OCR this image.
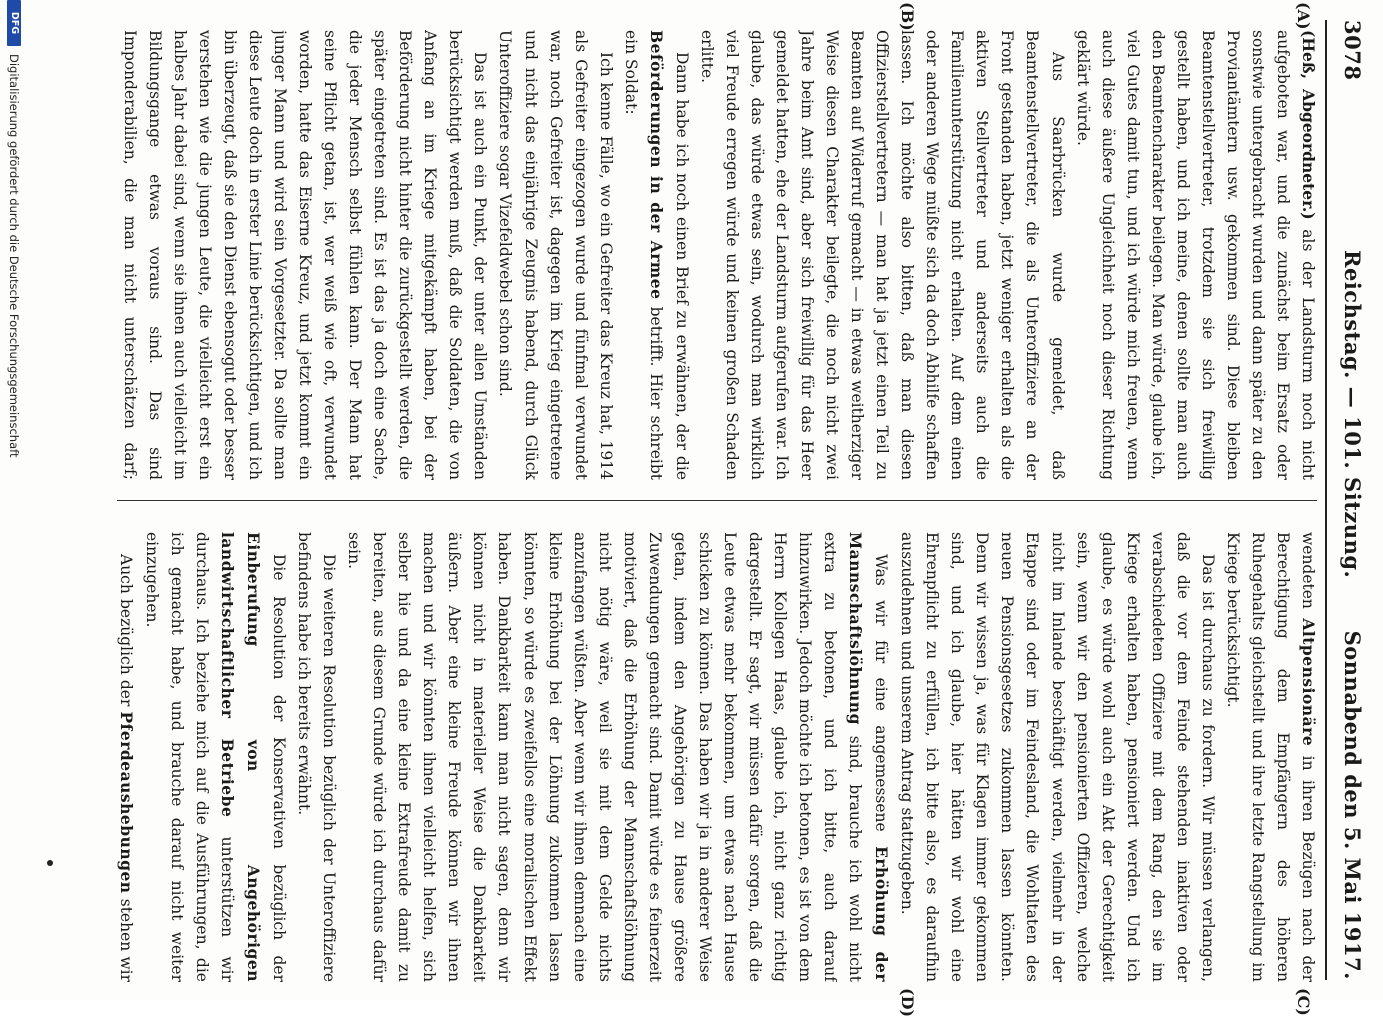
3078
Reichstag. — 101. Sitzung.
Sonnabend den 5. Mai 1917.
(A)
(B)
(C)
(D)

(Heß, Abgeordneter.) als der Landsturm noch nicht aufgeboten war, und die zunächst beim Ersatz oder sonstwie untergebracht wurden und dann später zu den Proviantämtern usw. gekommen sind. Diese bleiben Beamtenstellvertreter, trotzdem sie sich freiwillig gestellt haben, und ich meine, denen sollte man auch den Beamtencharakter beilegen. Man würde, glaube ich, viel Gutes damit tun, und ich würde mich freuen, wenn auch diese äußere Ungleichheit noch dieser Richtung geklärt würde.

Aus Saarbrücken wurde gemeldet, daß Beamtenstellvertreter, die als Unteroffiziere an der Front gestanden haben, jetzt weniger erhalten als die aktiven Stellvertreter und anderseits auch die Familienunterstützung nicht erhalten. Auf dem einen oder anderen Wege müßte sich da doch Abhilfe schaffen lassen. Ich möchte also bitten, daß man diesen Offizierstellvertretern — man hat ja jetzt einen Teil zu Beamten auf Widerruf gemacht — in etwas weitherziger Weise diesen Charakter beilegte, die noch nicht zwei Jahre beim Amt sind, aber sich freiwillig für das Heer gemeldet hatten, ehe der Landsturm aufgerufen war. Ich glaube, das würde etwas sein, wodurch man wirklich viel Freude erregen würde und keinen großen Schaden erlitte.

Dann habe ich noch einen Brief zu erwähnen, der die Beförderungen in der Armee betrifft. Hier schreibt ein Soldat:

Ich kenne Fälle, wo ein Gefreiter das Kreuz hat, 1914 als Gefreiter eingezogen wurde und fünfmal verwundet war, noch Gefreiter ist, dagegen im Krieg eingetretene und nicht das einjährige Zeugnis habend, durch Glück Unteroffiziere sogar Vizefeldwebel schon sind.

Das ist auch ein Punkt, der unter allen Umständen berücksichtigt werden muß, daß die Soldaten, die von Anfang an im Kriege mitgekämpft haben, bei der Beförderung nicht hinter die zurückgestellt werden, die später eingetreten sind. Es ist das ja doch eine Sache, die jeder Mensch selbst fühlen kann. Der Mann hat seine Pflicht getan, ist, wer weiß wie oft, verwundet worden, hatte das Eiserne Kreuz, und jetzt kommt ein junger Mann und wird sein Vorgesetzter. Da sollte man diese Leute doch in erster Linie berücksichtigen, und ich bin überzeugt, daß sie den Dienst ebensogut oder besser verstehen wie die jungen Leute, die vielleicht erst ein halbes Jahr dabei sind, wenn sie ihnen auch vielleicht im Bildungsgange etwas voraus sind. Das sind Imponderabilien, die man nicht unterschätzen darf;

wendeten Altpensionäre in ihren Bezügen nach der Berechtigung dem Empfängern des höheren Ruhegehalts gleichstellt und ihre letzte Rangstellung im Kriege berücksichtigt.

Das ist durchaus zu fordern. Wir müssen verlangen, daß die vor dem Feinde stehenden inaktiven oder verabschiedeten Offiziere mit dem Rang, den sie im Kriege erhalten haben, pensioniert werden. Und ich glaube, es würde wohl auch ein Akt der Gerechtigkeit sein, wenn wir den pensionierten Offizieren, welche nicht im Inlande beschäftigt werden, vielmehr in der Etappe sind oder im Feindesland, die Wohltaten des neuen Pensionsgesetzes zukommen lassen könnten. Denn wir wissen ja, was für Klagen immer gekommen sind, und ich glaube, hier hätten wir wohl eine Ehrenpflicht zu erfüllen, ich bitte also, es daraufhin auszudehnen und unserem Antrag stattzugeben.

Was wir für eine angemessene Erhöhung der Mannschaftslöhnung sind, brauche ich wohl nicht extra zu betonen, und ich bitte, auch darauf hinzuwirken. Jedoch möchte ich betonen, es ist von dem Herrn Kollegen Haas, glaube ich, nicht ganz richtig dargestellt. Er sagt, wir müssen dafür sorgen, daß die Leute etwas mehr bekommen, um etwas nach Hause schicken zu können. Das haben wir ja in anderer Weise getan, indem den Angehörigen zu Hause größere Zuwendungen gemacht sind. Damit würde es feinerzeit motiviert, daß die Erhöhung der Mannschaftslöhnung nicht nötig wäre, weil sie mit dem Gelde nichts anzufangen wüßten. Aber wenn wir ihnen demnach eine kleine Erhöhung bei der Löhnung zukommen lassen könnten, so würde es zweifellos eine moralischen Effekt haben. Dankbarkeit kann man nicht sagen, denn wir können nicht in materieller Weise die Dankbarkeit äußern. Aber eine kleine Freude können wir ihnen machen und wir könnten ihnen vielleicht helfen, sich selber hie und da eine kleine Extrafreude damit zu bereiten, aus diesem Grunde würde ich durchaus dafür sein.

Die weiteren Resolution bezüglich der Unteroffiziere befindens habe ich bereits erwähnt.

Die Resolution der Konservativen bezüglich der Einberufung von Angehörigen landwirtschaftlicher Betriebe unterstützen wir durchaus. Ich beziehe mich auf die Ausführungen, die ich gemacht habe, und brauche darauf nicht weiter einzugehen.

Auch bezüglich der Pferdeaushebungen stehen wir

DFG
Digitalisierung gefördert durch die Deutsche Forschungsgemeinschaft
